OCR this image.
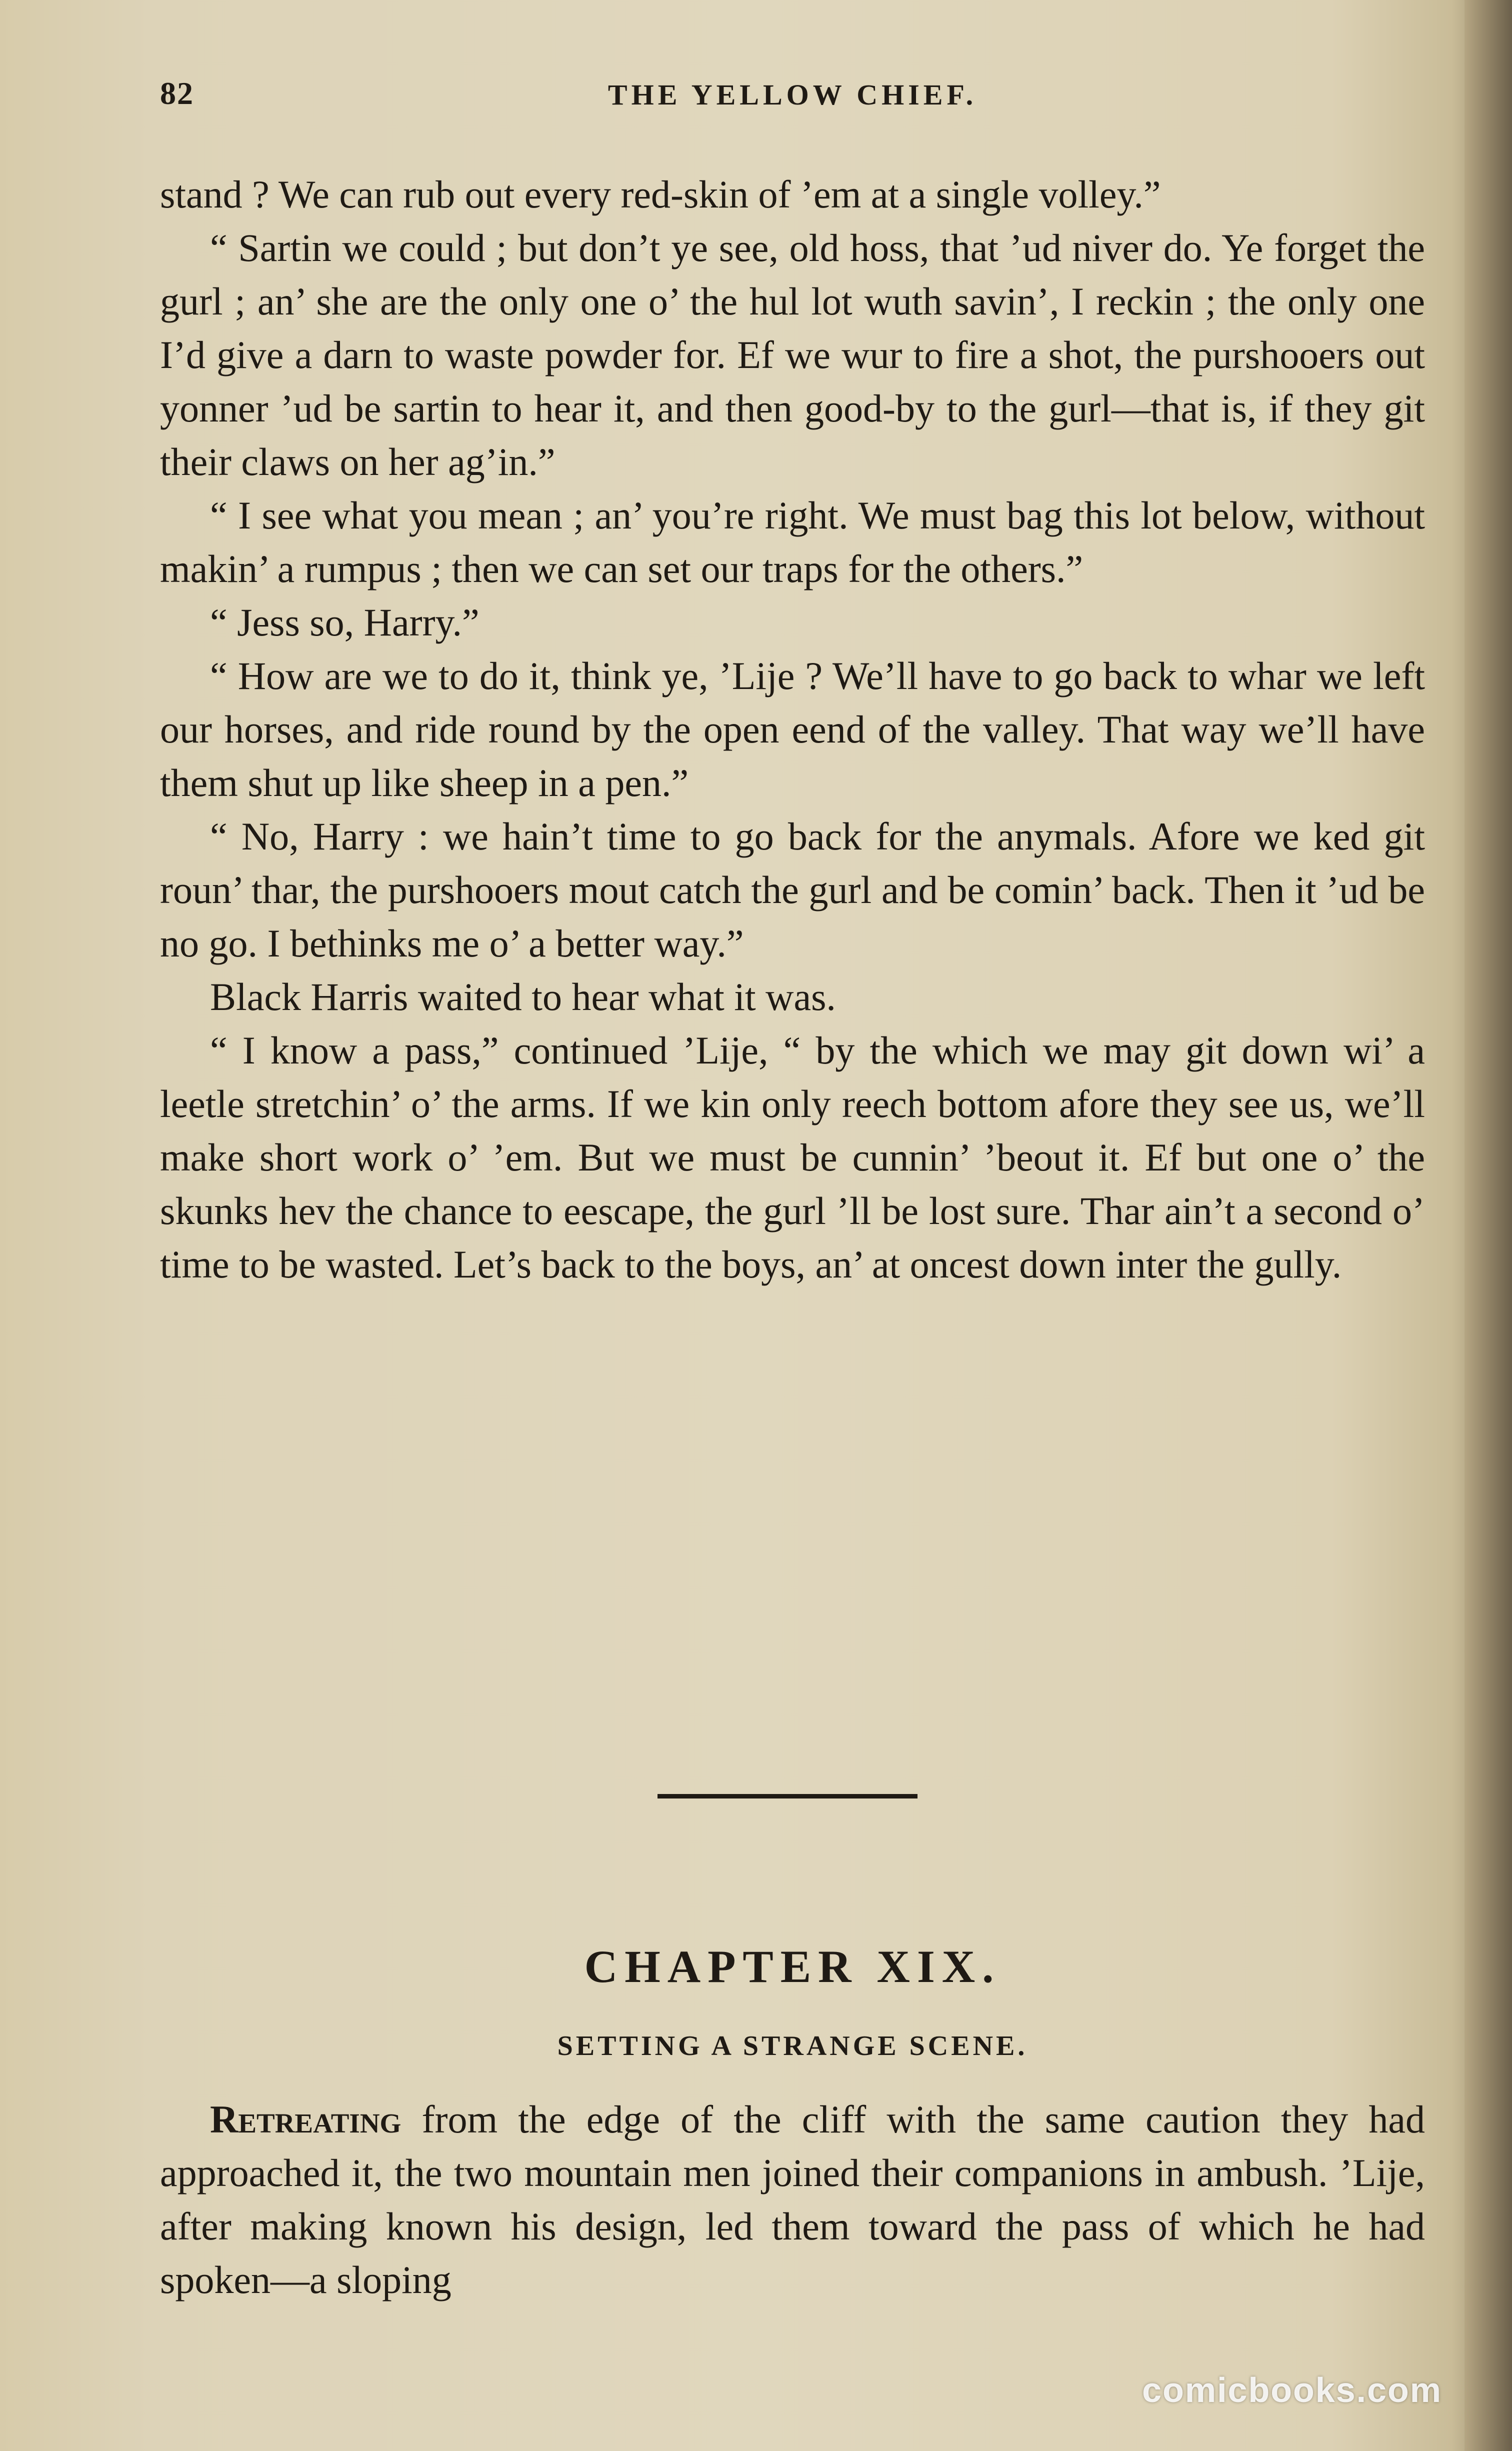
82	THE YELLOW CHIEF.

stand ? We can rub out every red-skin of ’em at a single volley.”

“ Sartin we could ; but don’t ye see, old hoss, that ’ud niver do. Ye forget the gurl ; an’ she are the only one o’ the hul lot wuth savin’, I reckin ; the only one I’d give a darn to waste powder for. Ef we wur to fire a shot, the purshooers out yonner ’ud be sartin to hear it, and then good-by to the gurl—that is, if they git their claws on her ag’in.”

“ I see what you mean ; an’ you’re right. We must bag this lot below, without makin’ a rumpus ; then we can set our traps for the others.”

“ Jess so, Harry.”

“ How are we to do it, think ye, ’Lije ? We’ll have to go back to whar we left our horses, and ride round by the open eend of the valley. That way we’ll have them shut up like sheep in a pen.”

“ No, Harry : we hain’t time to go back for the anymals. Afore we ked git roun’ thar, the purshooers mout catch the gurl and be comin’ back. Then it ’ud be no go. I bethinks me o’ a better way.”

Black Harris waited to hear what it was.

“ I know a pass,” continued ’Lije, “ by the which we may git down wi’ a leetle stretchin’ o’ the arms. If we kin only reech bottom afore they see us, we’ll make short work o’ ’em. But we must be cunnin’ ’beout it. Ef but one o’ the skunks hev the chance to eescape, the gurl ’ll be lost sure. Thar ain’t a second o’ time to be wasted. Let’s back to the boys, an’ at oncest down inter the gully.

CHAPTER XIX.
SETTING A STRANGE SCENE.

Retreating from the edge of the cliff with the same caution they had approached it, the two mountain men joined their companions in ambush. ’Lije, after making known his design, led them toward the pass of which he had spoken—a sloping

comicbooks.com
